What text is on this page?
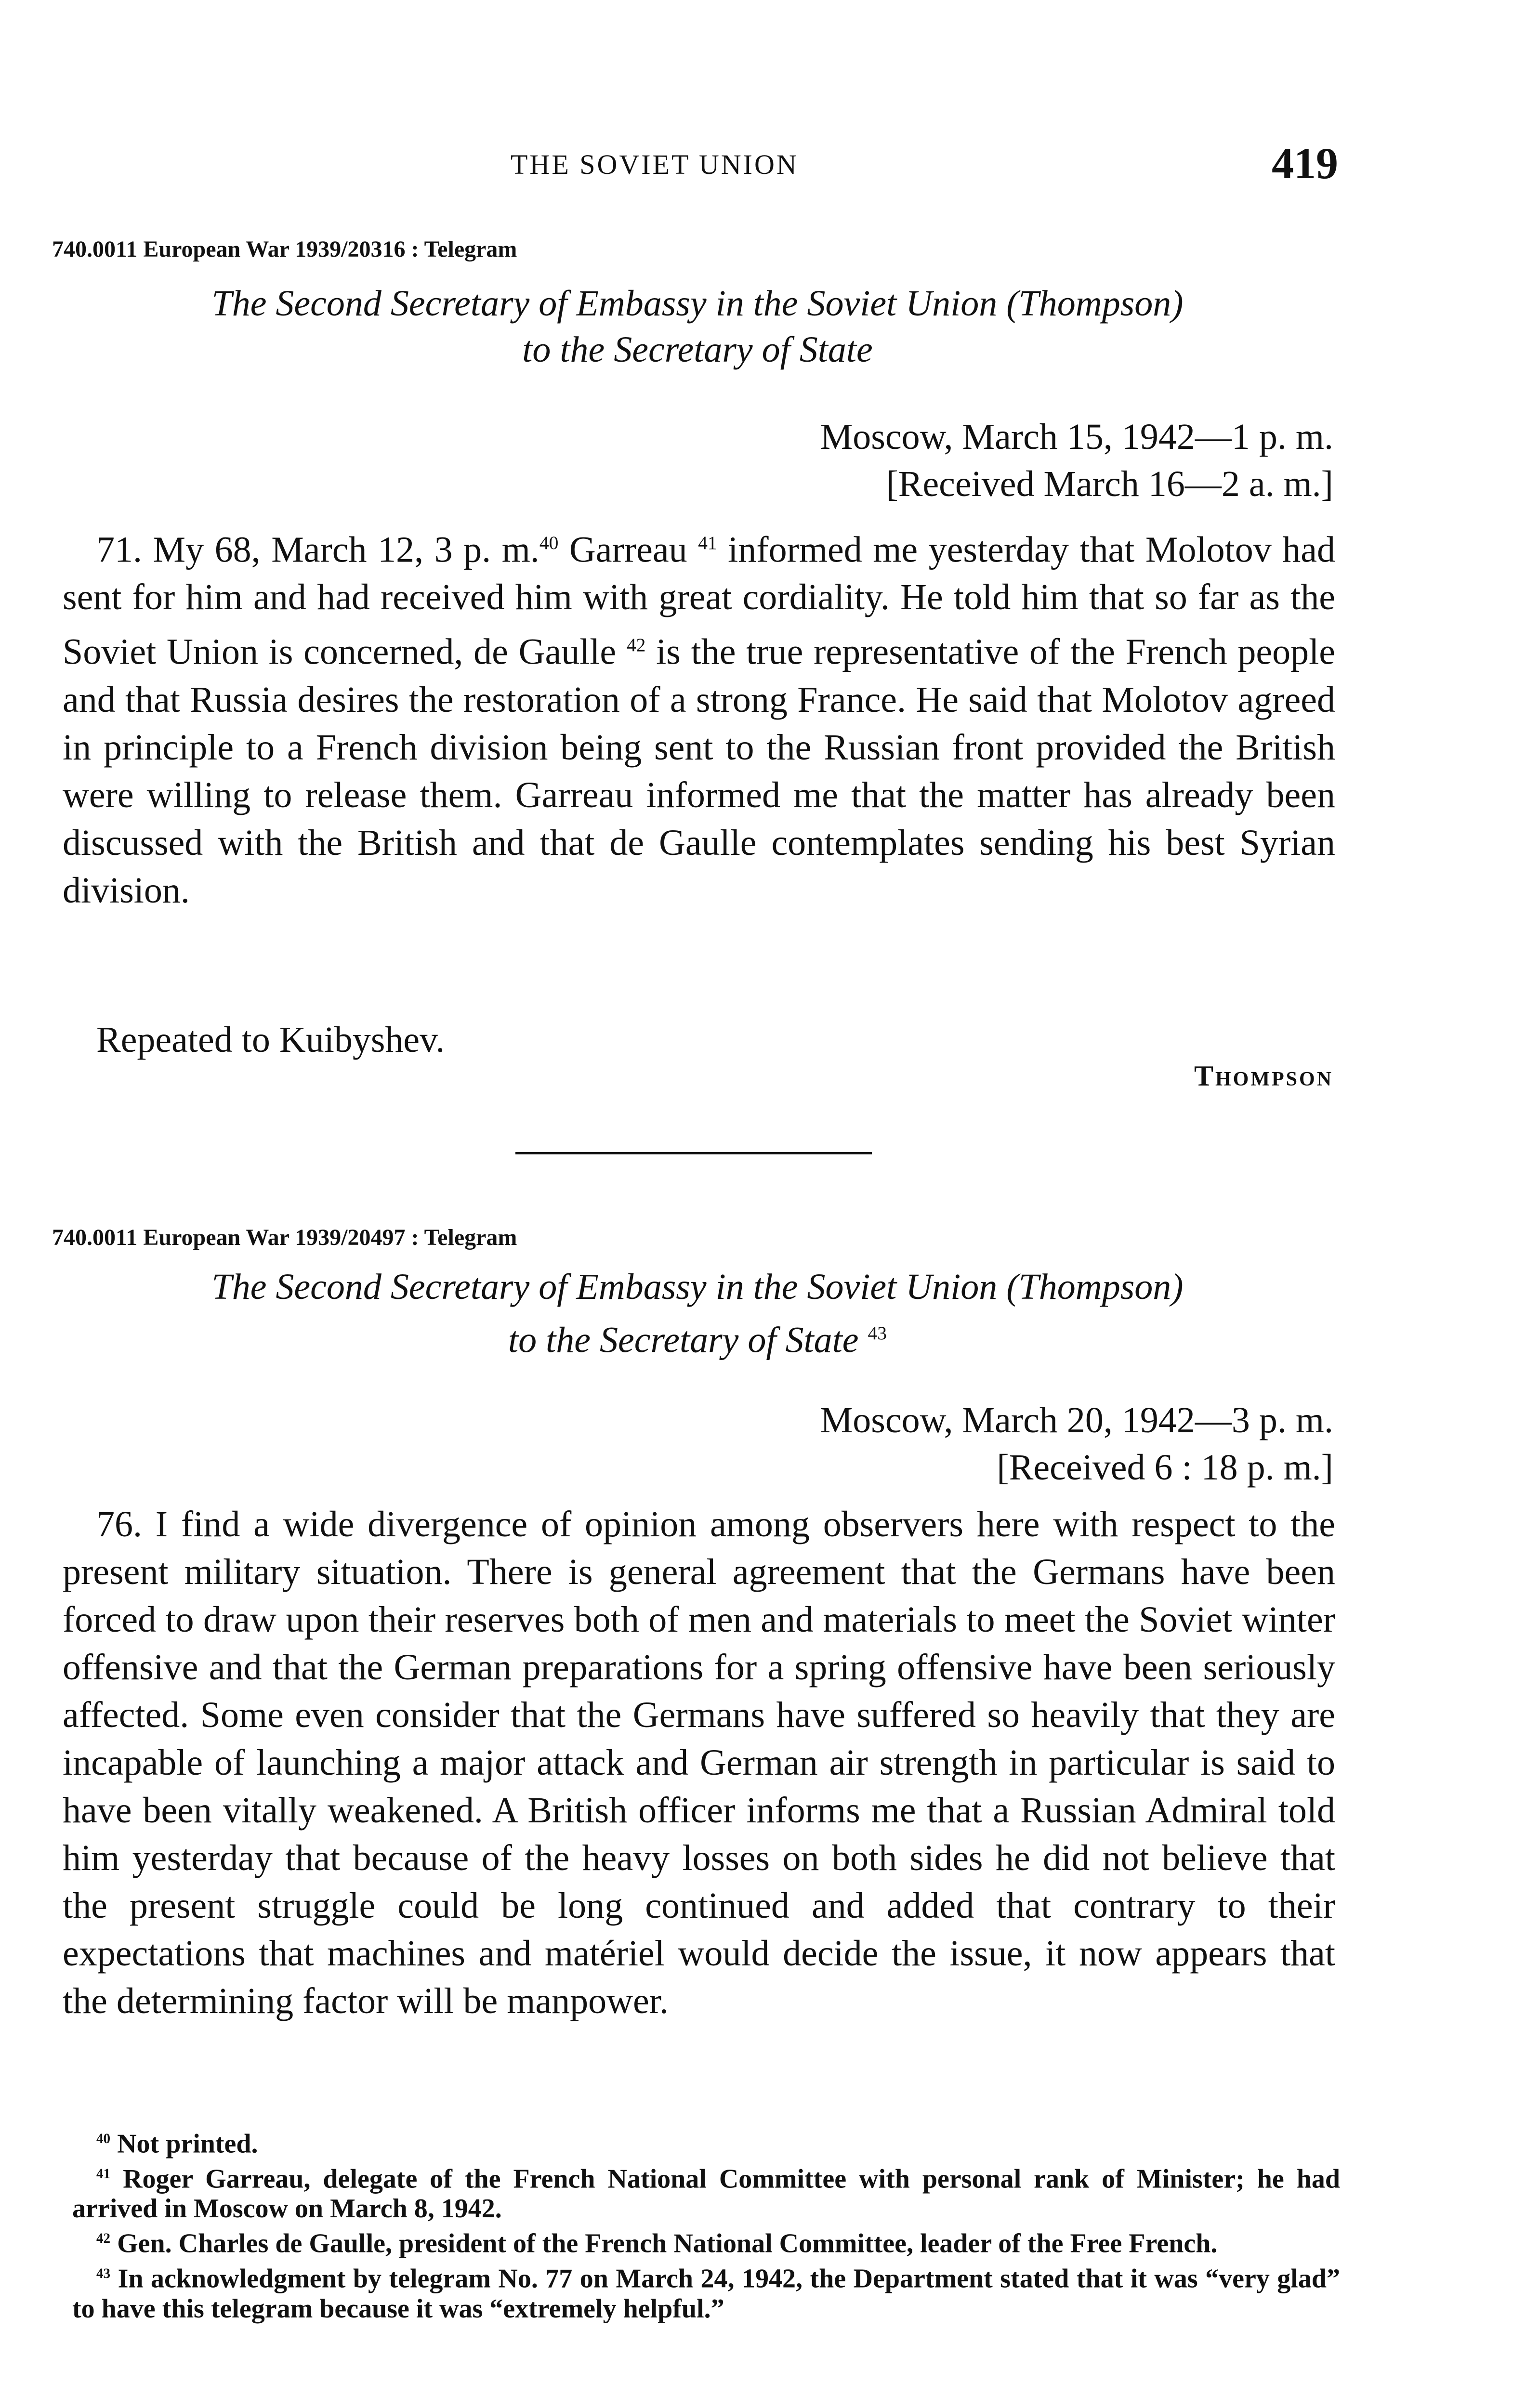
THE SOVIET UNION	419
740.0011 European War 1939/20316 : Telegram
The Second Secretary of Embassy in the Soviet Union (Thompson)
to the Secretary of State
Moscow, March 15, 1942—1 p. m.
[Received March 16—2 a. m.]
71. My 68, March 12, 3 p. m.$^{40}$ Garreau $^{41}$ informed me yesterday that Molotov had sent for him and had received him with great cordiality. He told him that so far as the Soviet Union is concerned, de Gaulle $^{42}$ is the true representative of the French people and that Russia desires the restoration of a strong France. He said that Molotov agreed in principle to a French division being sent to the Russian front provided the British were willing to release them. Garreau informed me that the matter has already been discussed with the British and that de Gaulle contemplates sending his best Syrian division.
Repeated to Kuibyshev.
Thompson
740.0011 European War 1939/20497 : Telegram
The Second Secretary of Embassy in the Soviet Union (Thompson)
to the Secretary of State $^{43}$
Moscow, March 20, 1942—3 p. m.
[Received 6 : 18 p. m.]
76. I find a wide divergence of opinion among observers here with respect to the present military situation. There is general agreement that the Germans have been forced to draw upon their reserves both of men and materials to meet the Soviet winter offensive and that the German preparations for a spring offensive have been seriously affected. Some even consider that the Germans have suffered so heavily that they are incapable of launching a major attack and German air strength in particular is said to have been vitally weakened. A British officer informs me that a Russian Admiral told him yesterday that because of the heavy losses on both sides he did not believe that the present struggle could be long continued and added that contrary to their expectations that machines and matériel would decide the issue, it now appears that the determining factor will be manpower.

$^{40}$ Not printed.

$^{41}$ Roger Garreau, delegate of the French National Committee with personal rank of Minister; he had arrived in Moscow on March 8, 1942.

$^{42}$ Gen. Charles de Gaulle, president of the French National Committee, leader of the Free French.

$^{43}$ In acknowledgment by telegram No. 77 on March 24, 1942, the Department stated that it was “very glad” to have this telegram because it was “extremely helpful.”
